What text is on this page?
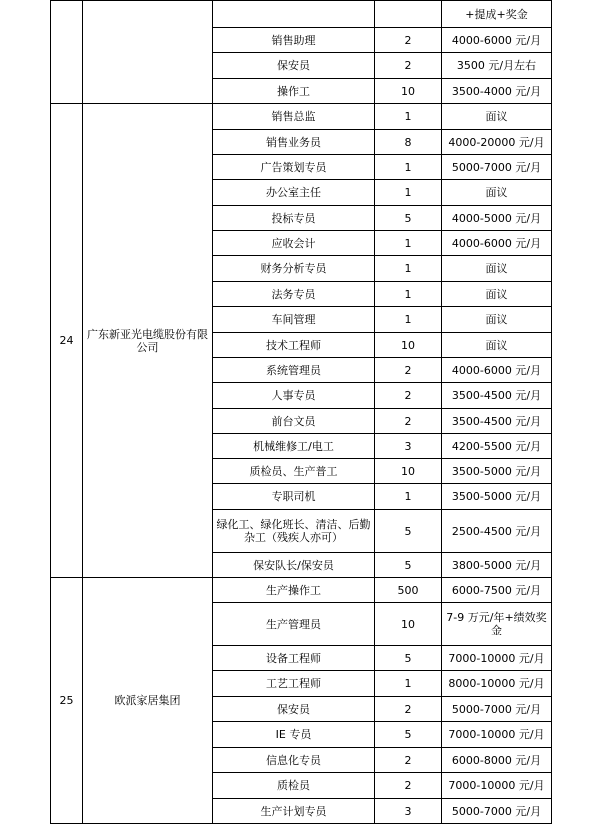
				+提成+奖金
		销售助理	2	4000-6000 元/月
		保安员	2	3500 元/月左右
		操作工	10	3500-4000 元/月
24	广东新亚光电缆股份有限公司	销售总监	1	面议
		销售业务员	8	4000-20000 元/月
		广告策划专员	1	5000-7000 元/月
		办公室主任	1	面议
		投标专员	5	4000-5000 元/月
		应收会计	1	4000-6000 元/月
		财务分析专员	1	面议
		法务专员	1	面议
		车间管理	1	面议
		技术工程师	10	面议
		系统管理员	2	4000-6000 元/月
		人事专员	2	3500-4500 元/月
		前台文员	2	3500-4500 元/月
		机械维修工/电工	3	4200-5500 元/月
		质检员、生产普工	10	3500-5000 元/月
		专职司机	1	3500-5000 元/月
		绿化工、绿化班长、清洁、后勤杂工（残疾人亦可）	5	2500-4500 元/月
		保安队长/保安员	5	3800-5000 元/月
25	欧派家居集团	生产操作工	500	6000-7500 元/月
		生产管理员	10	7-9 万元/年+绩效奖金
		设备工程师	5	7000-10000 元/月
		工艺工程师	1	8000-10000 元/月
		保安员	2	5000-7000 元/月
		IE 专员	5	7000-10000 元/月
		信息化专员	2	6000-8000 元/月
		质检员	2	7000-10000 元/月
		生产计划专员	3	5000-7000 元/月
